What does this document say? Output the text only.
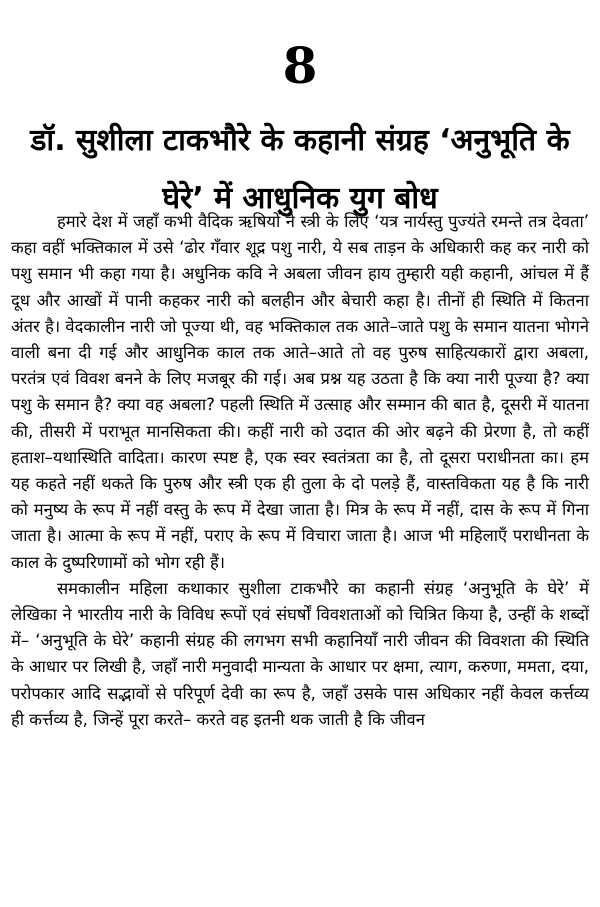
8
डॉ. सुशीला टाकभौरे के कहानी संग्रह ‘अनुभूति के घेरे’ में आधुनिक युग बोध

हमारे देश में जहाँ कभी वैदिक ऋषियों ने स्त्री के लिए ‘यत्र नार्यस्तु पुज्यंते रमन्ते तत्र देवता’ कहा वहीं भक्तिकाल में उसे ‘ढोर गँवार शूद्र पशु नारी, ये सब ताड़न के अधिकारी कह कर नारी को पशु समान भी कहा गया है। अधुनिक कवि ने अबला जीवन हाय तुम्हारी यही कहानी, आंचल में हैं दूध और आखों में पानी कहकर नारी को बलहीन और बेचारी कहा है। तीनों ही स्थिति में कितना अंतर है। वेदकालीन नारी जो पूज्या थी, वह भक्तिकाल तक आते–जाते पशु के समान यातना भोगने वाली बना दी गई और आधुनिक काल तक आते–आते तो वह पुरुष साहित्यकारों द्वारा अबला, परतंत्र एवं विवश बनने के लिए मजबूर की गई। अब प्रश्न यह उठता है कि क्या नारी पूज्या है? क्या पशु के समान है? क्या वह अबला? पहली स्थिति में उत्साह और सम्मान की बात है, दूसरी में यातना की, तीसरी में पराभूत मानसिकता की। कहीं नारी को उदात की ओर बढ़ने की प्रेरणा है, तो कहीं हताश–यथास्थिति वादिता। कारण स्पष्ट है, एक स्वर स्वतंत्रता का है, तो दूसरा पराधीनता का। हम यह कहते नहीं थकते कि पुरुष और स्त्री एक ही तुला के दो पलड़े हैं, वास्तविकता यह है कि नारी को मनुष्य के रूप में नहीं वस्तु के रूप में देखा जाता है। मित्र के रूप में नहीं, दास के रूप में गिना जाता है। आत्मा के रूप में नहीं, पराए के रूप में विचारा जाता है। आज भी महिलाएँ पराधीनता के काल के दुष्परिणामों को भोग रही हैं।

समकालीन महिला कथाकार सुशीला टाकभौरे का कहानी संग्रह ‘अनुभूति के घेरे’ में लेखिका ने भारतीय नारी के विविध रूपों एवं संघर्षों विवशताओं को चित्रित किया है, उन्हीं के शब्दों में– ‘अनुभूति के घेरे’ कहानी संग्रह की लगभग सभी कहानियाँ नारी जीवन की विवशता की स्थिति के आधार पर लिखी है, जहाँ नारी मनुवादी मान्यता के आधार पर क्षमा, त्याग, करुणा, ममता, दया, परोपकार आदि सद्भावों से परिपूर्ण देवी का रूप है, जहाँ उसके पास अधिकार नहीं केवल कर्त्तव्य ही कर्त्तव्य है, जिन्हें पूरा करते– करते वह इतनी थक जाती है कि जीवन
